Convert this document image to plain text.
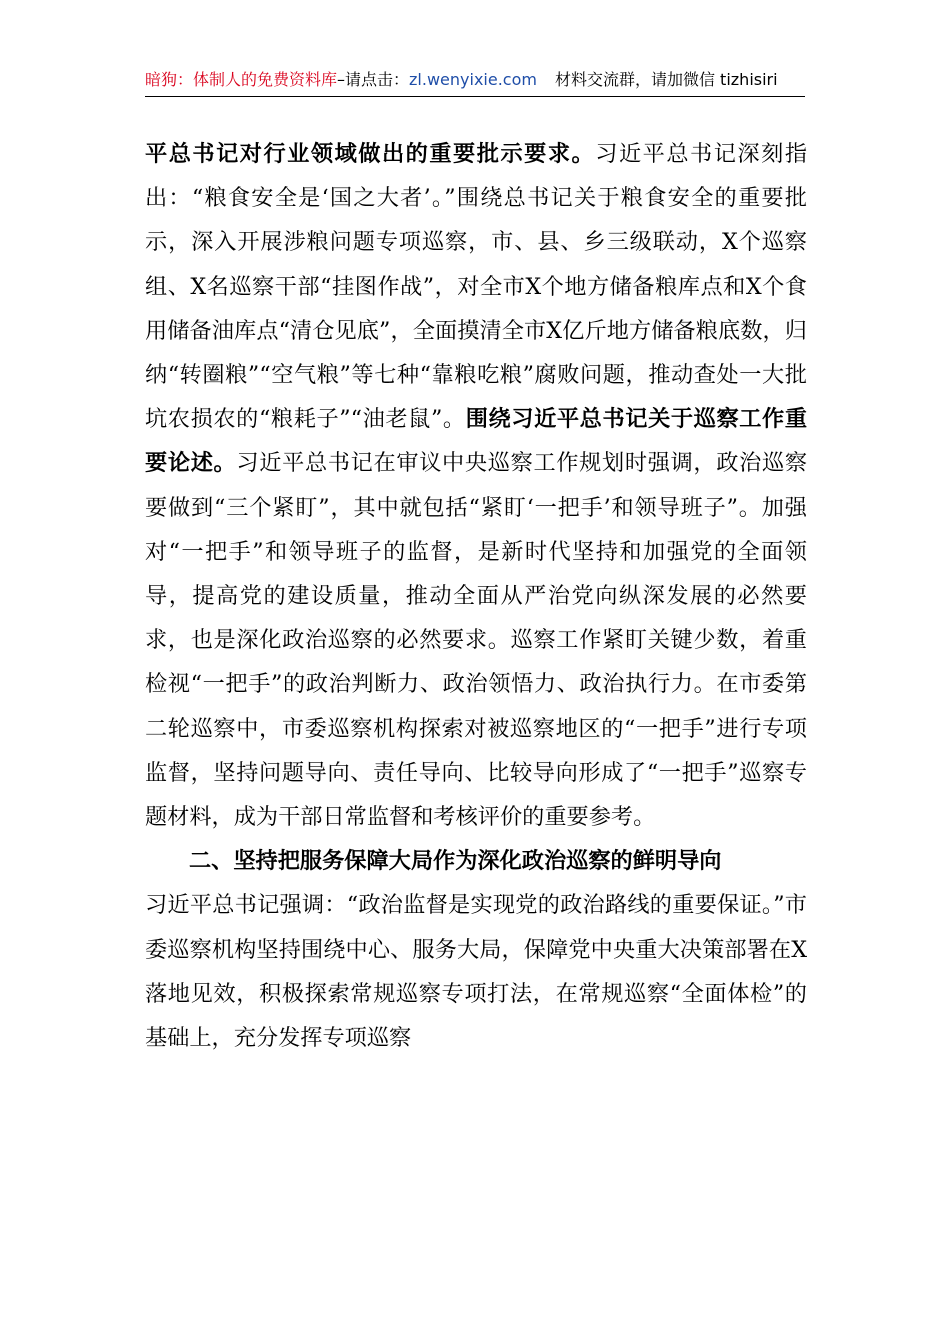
暗狗：体制人的免费资料库–请点击：zl.wenyixie.com 材料交流群，请加微信 tizhisiri

平总书记对行业领域做出的重要批示要求。习近平总书记深刻指出：“粮食安全是‘国之大者’。”围绕总书记关于粮食安全的重要批示，深入开展涉粮问题专项巡察，市、县、乡三级联动，X个巡察组、X名巡察干部“挂图作战”，对全市X个地方储备粮库点和X个食用储备油库点“清仓见底”，全面摸清全市X亿斤地方储备粮底数，归纳“转圈粮”“空气粮”等七种“靠粮吃粮”腐败问题，推动查处一大批坑农损农的“粮耗子”“油老鼠”。围绕习近平总书记关于巡察工作重要论述。习近平总书记在审议中央巡察工作规划时强调，政治巡察要做到“三个紧盯”，其中就包括“紧盯‘一把手’和领导班子”。加强对“一把手”和领导班子的监督，是新时代坚持和加强党的全面领导，提高党的建设质量，推动全面从严治党向纵深发展的必然要求，也是深化政治巡察的必然要求。巡察工作紧盯关键少数，着重检视“一把手”的政治判断力、政治领悟力、政治执行力。在市委第二轮巡察中，市委巡察机构探索对被巡察地区的“一把手”进行专项监督，坚持问题导向、责任导向、比较导向形成了“一把手”巡察专题材料，成为干部日常监督和考核评价的重要参考。

二、坚持把服务保障大局作为深化政治巡察的鲜明导向

习近平总书记强调：“政治监督是实现党的政治路线的重要保证。”市委巡察机构坚持围绕中心、服务大局，保障党中央重大决策部署在X落地见效，积极探索常规巡察专项打法，在常规巡察“全面体检”的基础上，充分发挥专项巡察
